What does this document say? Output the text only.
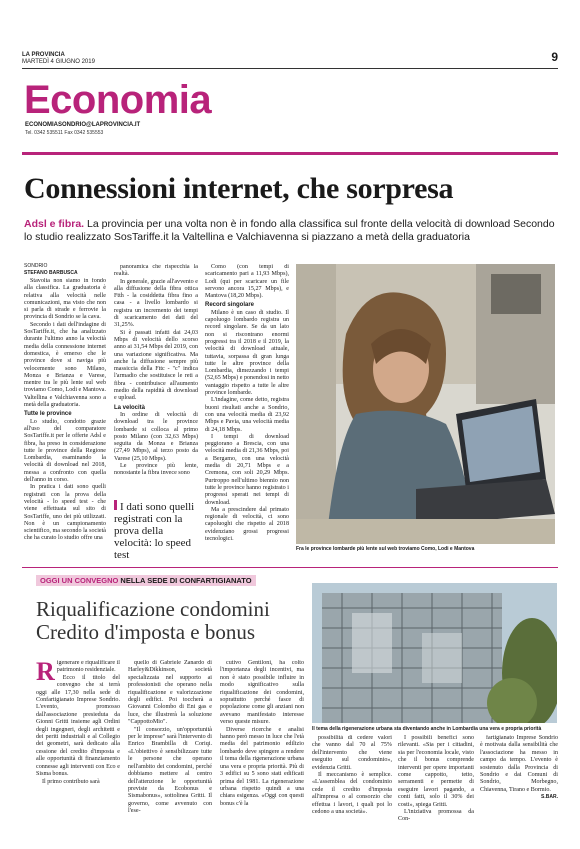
LA PROVINCIA
MARTEDÌ 4 GIUGNO 2019	9
Economia
ECONOMIASONDRIO@LAPROVINCIA.IT
Tel. 0342 535511 Fax 0342 535553
Connessioni internet, che sorpresa
Adsl e fibra. La provincia per una volta non è in fondo alla classifica sul fronte della velocità di download Secondo lo studio realizzato SosTariffe.it la Valtellina e Valchiavenna si piazzano a metà della graduatoria
SONDRIO
STEFANO BARBUSCA

Stavolta non siamo in fondo alla classifica. La graduatoria è relativa alla velocità nelle comunicazioni, ma visto che non si parla di strade e ferrovie la provincia di Sondrio se la cava.

Secondo i dati dell'indagine di SosTariffe.it, che ha analizzato durante l'ultimo anno la velocità media della connessione internet domestica, è emerso che le province dove si naviga più velocemente sono Milano, Monza e Brianza e Varese, mentre tra le più lente sul web troviamo Como, Lodi e Mantova. Valtellina e Valchiavenna sono a metà della graduatoria.

Tutte le province

Lo studio, condotto grazie all'uso del comparatore SosTariffe.it per le offerte Adsl e fibra, ha preso in considerazione tutte le province della Regione Lombardia, esaminando la velocità di download nel 2018, messa a confronto con quella dell'anno in corso.

In pratica i dati sono quelli registrati con la prova della velocità - lo speed test - che viene effettuata sul sito di SosTariffe, uno dei più utilizzati. Non è un campionamento scientifico, ma secondo la società che ha curato lo studio offre una

panoramica che rispecchia la realtà.

In generale, grazie all'avvento e alla diffusione della fibra ottica Ftth - la cosiddetta fibra fino a casa - a livello lombardo si registra un incremento dei tempi di scaricamento dei dati del 31,25%.

Si è passati infatti dai 24,03 Mbps di velocità dello scorso anno ai 31,54 Mbps del 2019, con una variazione significativa. Ma anche la diffusione sempre più massiccia della Fttc - "c" indica l'armadio che sostituisce le reti a fibra - contribuisce all'aumento medio della rapidità di download e upload.

La velocità

In ordine di velocità di download tra le province lombarde si colloca al primo posto Milano (con 32,63 Mbps) seguita da Monza e Brianza (27,49 Mbps), al terzo posto da Varese (25,10 Mbps).

Le province più lente, nonostante la fibra invece sono

I dati sono quelli registrati con la prova della velocità: lo speed test

Como (con tempi di scaricamento pari a 11,93 Mbps), Lodi (qui per scaricare un file servono ancora 15,27 Mbps), e Mantova (18,20 Mbps).

Record singolare

Milano è un caso di studio. Il capoluogo lombardo registra un record singolare. Se da un lato non si riscontrano enormi progressi tra il 2018 e il 2019, la velocità di download attuale, tuttavia, sorpassa di gran lunga tutte le altre province della Lombardia, dimezzando i tempi (52,65 Mbps) e ponendosi in netto vantaggio rispetto a tutte le altre province lombarde.

L'indagine, come detto, registra buoni risultati anche a Sondrio, con una velocità media di 23,92 Mbps e Pavia, una velocità media di 24,18 Mbps.

I tempi di download peggiorano a Brescia, con una velocità media di 21,36 Mbps, poi a Bergamo, con una velocità media di 20,71 Mbps e a Cremona, con soli 20,29 Mbps. Purtroppo nell'ultimo biennio non tutte le province hanno registrato i progressi sperati nei tempi di download.

Ma a prescindere dal primato regionale di velocità, ci sono capoluoghi che rispetto al 2018 evidenziano grossi progressi tecnologici.

Fra le province lombarde più lente sul web troviamo Como, Lodi e Mantova
OGGI UN CONVEGNO NELLA SEDE DI CONFARTIGIANATO
Riqualificazione condomini
Credito d'imposta e bonus
Il tema della rigenerazione urbana sta diventando anche in Lombardia una vera e propria priorità

Rigenerare e riqualificare il patrimonio residenziale.

Ecco il titolo del convegno che si terrà oggi alle 17,30 nella sede di Confartigianato Imprese Sondrio. L'evento, promosso dall'associazione presieduta da Gionni Gritti insieme agli Ordini degli ingegneri, degli architetti e dei periti industriali e al Collegio dei geometri, sarà dedicato alla cessione del credito d'imposta e alle opportunità di finanziamento connesse agli interventi con Eco e Sisma bonus.

Il primo contributo sarà

quello di Gabriele Zanardo di Harley&Dikkinson, società specializzata nel supporto ai professionisti che operano nella riqualificazione e valorizzazione degli edifici. Poi toccherà a Giovanni Colombo di Eni gas e luce, che illustrerà la soluzione "CappottoMio".

"Il consorzio, un'opportunità per le imprese" sarà l'intervento di Enrico Brambilla di Coriqi. «L'obiettivo è sensibilizzare tutte le persone che operano nell'ambito dei condomini, perché dobbiamo mettere al centro dell'attenzione le opportunità previste da Ecobonus e Sismabonus», sottolinea Gritti. Il governo, come avvenuto con l'ese-

cutivo Gentiloni, ha colto l'importanza degli incentivi, ma non è stato possibile influire in modo significativo sulla riqualificazione dei condomini, soprattutto perché fasce di popolazione come gli anziani non avevano manifestato interesse verso queste misure.

Diverse ricerche e analisi hanno però messo in luce che l'età media del patrimonio edilizio lombardo deve spingere a rendere il tema della rigenerazione urbana una vera e propria priorità. Più di 3 edifici su 5 sono stati edificati prima del 1981. La rigenerazione urbana rispetto quindi a una chiara esigenza. «Oggi con questi bonus c'è la

possibilità di cedere valori che vanno dal 70 al 75% dell'intervento che viene eseguito sul condominio», evidenzia Gritti.

Il meccanismo è semplice. «L'assemblea del condominio cede il credito d'imposta all'impresa o al consorzio che effettua i lavori, i quali poi lo cedono a una società».

I possibili benefici sono rilevanti. «Sia per i cittadini, sia per l'economia locale, visto che il bonus comprende interventi per opere importanti come cappotto, tetto, serramenti e permette di eseguire lavori pagando, a conti fatti, solo il 30% dei costi», spiega Gritti.

L'iniziativa promossa da Con-

fartigianato Imprese Sondrio è motivata dalla sensibilità che l'associazione ha messo in campo da tempo. L'evento è sostenuto dalla Provincia di Sondrio e dai Comuni di Sondrio, Morbegno, Chiavenna, Tirano e Bormio.

S.BAR.
